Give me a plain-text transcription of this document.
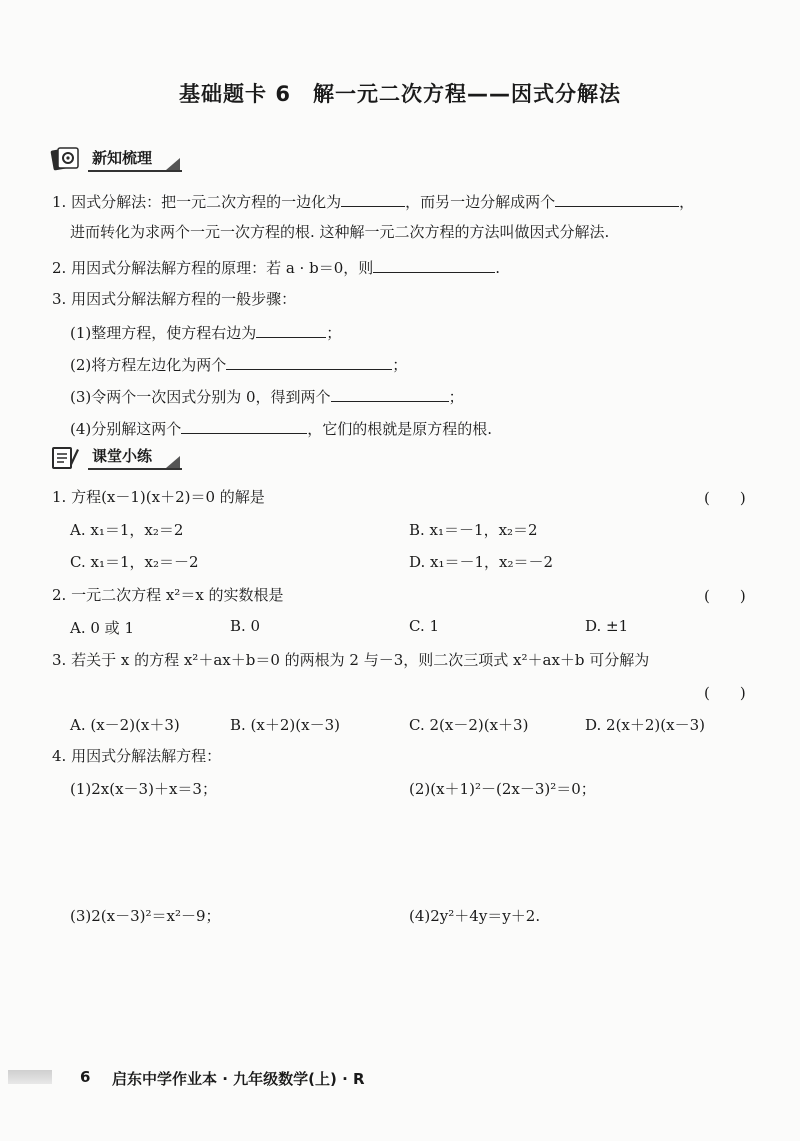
基础题卡 6　解一元二次方程——因式分解法
新知梳理
1. 因式分解法：把一元二次方程的一边化为	，而另一边分解成两个	，
进而转化为求两个一元一次方程的根. 这种解一元二次方程的方法叫做因式分解法.
2. 用因式分解法解方程的原理：若 a · b＝0，则	.
3. 用因式分解法解方程的一般步骤：
(1)整理方程，使方程右边为	；
(2)将方程左边化为两个	；
(3)令两个一次因式分别为 0，得到两个	；
(4)分别解这两个	，它们的根就是原方程的根.
课堂小练
1. 方程(x－1)(x＋2)＝0 的解是	(　　)
A. x₁＝1，x₂＝2	B. x₁＝－1，x₂＝2
C. x₁＝1，x₂＝－2	D. x₁＝－1，x₂＝－2
2. 一元二次方程 x²＝x 的实数根是	(　　)
A. 0 或 1	B. 0	C. 1	D. ±1
3. 若关于 x 的方程 x²＋ax＋b＝0 的两根为 2 与－3，则二次三项式 x²＋ax＋b 可分解为
(　　)
A. (x－2)(x＋3)	B. (x＋2)(x－3)	C. 2(x－2)(x＋3)	D. 2(x＋2)(x－3)
4. 用因式分解法解方程：
(1)2x(x－3)＋x＝3；	(2)(x＋1)²－(2x－3)²＝0；
(3)2(x－3)²＝x²－9；	(4)2y²＋4y＝y＋2.
6 启东中学作业本 · 九年级数学(上) · R
